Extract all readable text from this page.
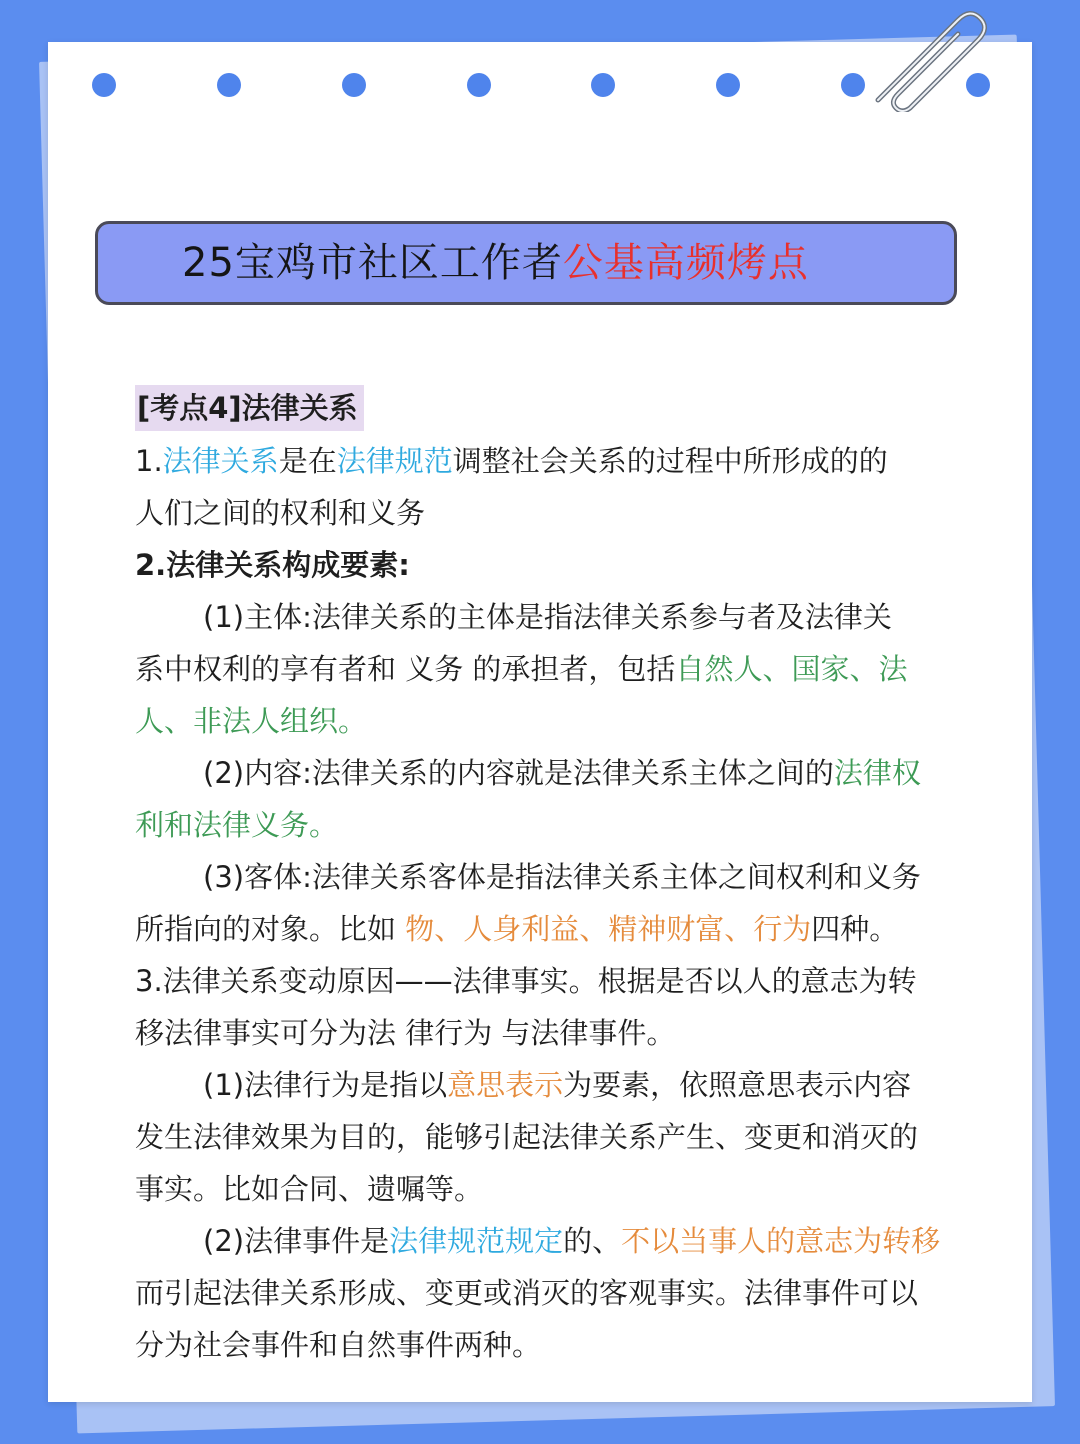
25宝鸡市社区工作者公基高频烤点
[考点4]法律关系
1.法律关系是在法律规范调整社会关系的过程中所形成的的
人们之间的权利和义务
2.法律关系构成要素:
(1)主体:法律关系的主体是指法律关系参与者及法律关
系中权利的享有者和 义务 的承担者，包括自然人、国家、法
人、非法人组织。
(2)内容:法律关系的内容就是法律关系主体之间的法律权
利和法律义务。
(3)客体:法律关系客体是指法律关系主体之间权利和义务
所指向的对象。比如 物、人身利益、精神财富、行为四种。
3.法律关系变动原因——法律事实。根据是否以人的意志为转
移法律事实可分为法 律行为 与法律事件。
(1)法律行为是指以意思表示为要素，依照意思表示内容
发生法律效果为目的，能够引起法律关系产生、变更和消灭的
事实。比如合同、遗嘱等。
(2)法律事件是法律规范规定的、不以当事人的意志为转移
而引起法律关系形成、变更或消灭的客观事实。法律事件可以
分为社会事件和自然事件两种。
